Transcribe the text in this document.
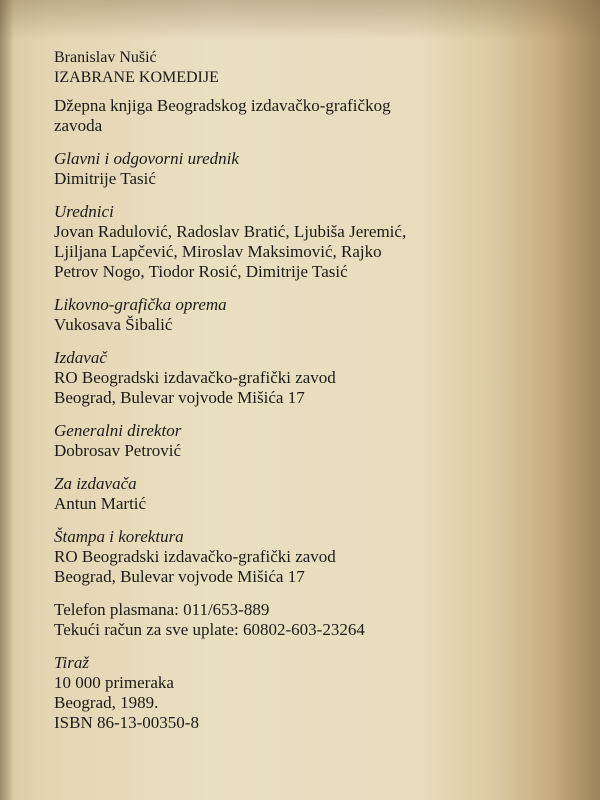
Branislav Nušić
IZABRANE KOMEDIJE
Džepna knjiga Beogradskog izdavačko-grafičkog
zavoda
Glavni i odgovorni urednik
Dimitrije Tasić
Urednici
Jovan Radulović, Radoslav Bratić, Ljubiša Jeremić,
Ljiljana Lapčević, Miroslav Maksimović, Rajko
Petrov Nogo, Tiodor Rosić, Dimitrije Tasić
Likovno-grafička oprema
Vukosava Šibalić
Izdavač
RO Beogradski izdavačko-grafički zavod
Beograd, Bulevar vojvode Mišića 17
Generalni direktor
Dobrosav Petrović
Za izdavača
Antun Martić
Štampa i korektura
RO Beogradski izdavačko-grafički zavod
Beograd, Bulevar vojvode Mišića 17
Telefon plasmana: 011/653-889
Tekući račun za sve uplate: 60802-603-23264
Tiraž
10 000 primeraka
Beograd, 1989.
ISBN 86-13-00350-8
